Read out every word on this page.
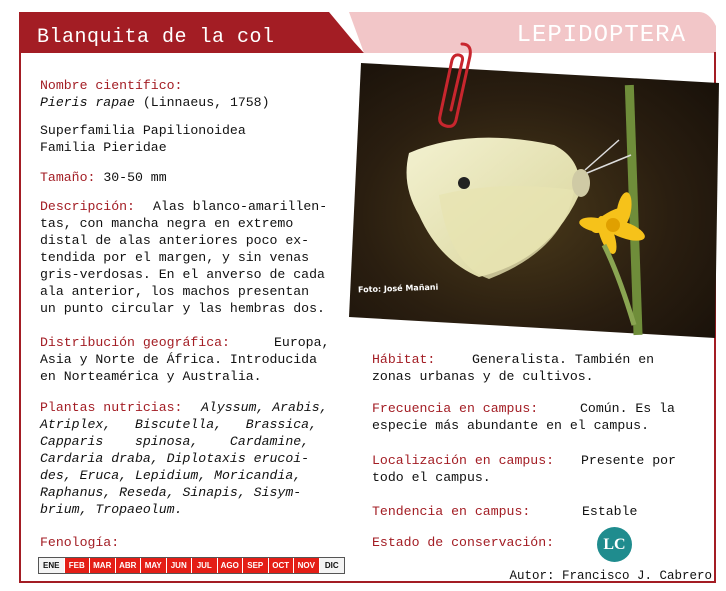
Blanquita de la col	LEPIDOPTERA
Foto: José Mañani
Nombre científico:
Pieris rapae (Linnaeus, 1758)
Superfamilia Papilionoidea
Familia Pieridae
Tamaño: 30-50 mm
Descripción: Alas blanco-amarillen-
tas, con mancha negra en extremo
distal de alas anteriores poco ex-
tendida por el margen, y sin venas
gris-verdosas. En el anverso de cada
ala anterior, los machos presentan
un punto circular y las hembras dos.
Distribución geográfica:	Europa,
Asia y Norte de África. Introducida
en Norteamérica y Australia.
Plantas nutricias: Alyssum, Arabis,
Atriplex,   Biscutella,   Brassica,
Capparis    spinosa,    Cardamine,
Cardaria draba, Diplotaxis erucoi-
des, Eruca, Lepidium, Moricandia,
Raphanus, Reseda, Sinapis, Sisym-
brium, Tropaeolum.
Fenología:
ENE	FEB	MAR ABR	MAY	JUN	JUL	AGO	SEP	OCT	NOV	DIC
Hábitat:	Generalista. También en
zonas urbanas y de cultivos.
Frecuencia en campus:	Común. Es la
especie más abundante en el campus.
Localización en campus: Presente por
todo el campus.
Tendencia en campus:	Estable
Estado de conservación:	LC
Autor: Francisco J. Cabrero
